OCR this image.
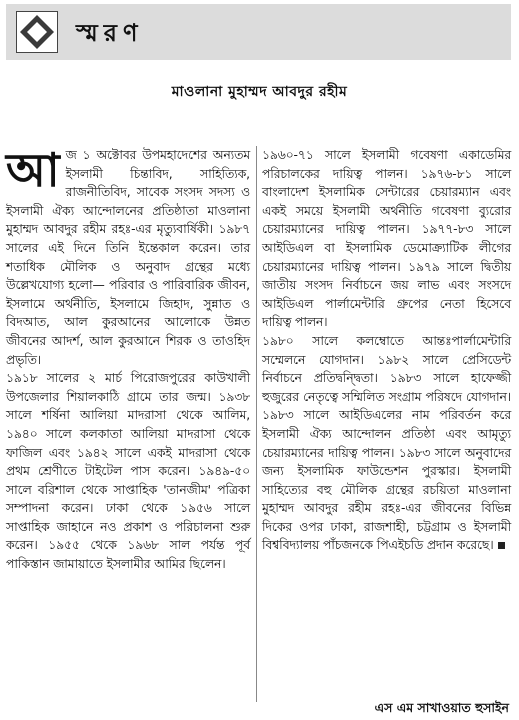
স্মরণ
মাওলানা মুহাম্মদ আবদুর রহীম
আ জ ১ অক্টোবর উপমহাদেশের অন্যতম ইসলামী চিন্তাবিদ, সাহিত্যিক, রাজনীতিবিদ, সাবেক সংসদ সদস্য ও ইসলামী ঐক্য আন্দোলনের প্রতিষ্ঠাতা মাওলানা মুহাম্মদ আবদুর রহীম রহঃ-এর মৃত্যুবার্ষিকী। ১৯৮৭ সালের এই দিনে তিনি ইন্তেকাল করেন। তার শতাধিক মৌলিক ও অনুবাদ গ্রন্থের মধ্যে উল্লেখযোগ্য হলো— পরিবার ও পারিবারিক জীবন, ইসলামে অর্থনীতি, ইসলামে জিহাদ, সুন্নাত ও বিদআত, আল কুরআনের আলোকে উন্নত জীবনের আদর্শ, আল কুরআনে শিরক ও তাওহিদ প্রভৃতি।

১৯১৮ সালের ২ মার্চ পিরোজপুরের কাউখালী উপজেলার শিয়ালকাঠি গ্রামে তার জন্ম। ১৯৩৮ সালে শর্ষিনা আলিয়া মাদরাসা থেকে আলিম, ১৯৪০ সালে কলকাতা আলিয়া মাদরাসা থেকে ফাজিল এবং ১৯৪২ সালে একই মাদরাসা থেকে প্রথম শ্রেণীতে টাইটেল পাস করেন। ১৯৪৯-৫০ সালে বরিশাল থেকে সাপ্তাহিক 'তানজীম' পত্রিকা সম্পাদনা করেন। ঢাকা থেকে ১৯৫৬ সালে সাপ্তাহিক জাহানে নও প্রকাশ ও পরিচালনা শুরু করেন। ১৯৫৫ থেকে ১৯৬৮ সাল পর্যন্ত পূর্ব পাকিস্তান জামায়াতে ইসলামীর আমির ছিলেন।

১৯৬০-৭১ সালে ইসলামী গবেষণা একাডেমির পরিচালকের দায়িত্ব পালন। ১৯৭৬-৮১ সালে বাংলাদেশ ইসলামিক সেন্টারের চেয়ারম্যান এবং একই সময়ে ইসলামী অর্থনীতি গবেষণা ব্যুরোর চেয়ারম্যানের দায়িত্ব পালন। ১৯৭৭-৮৩ সালে আইডিএল বা ইসলামিক ডেমোক্র্যাটিক লীগের চেয়ারম্যানের দায়িত্ব পালন। ১৯৭৯ সালে দ্বিতীয় জাতীয় সংসদ নির্বাচনে জয় লাভ এবং সংসদে আইডিএল পার্লামেন্টারি গ্রুপের নেতা হিসেবে দায়িত্ব পালন।

১৯৮০ সালে কলম্বোতে আন্তঃপার্লামেন্টারি সম্মেলনে যোগদান। ১৯৮২ সালে প্রেসিডেন্ট নির্বাচনে প্রতিদ্বন্দ্বিতা। ১৯৮৩ সালে হাফেজ্জী হুজুরের নেতৃত্বে সম্মিলিত সংগ্রাম পরিষদে যোগদান। ১৯৮৩ সালে আইডিএলের নাম পরিবর্তন করে ইসলামী ঐক্য আন্দোলন প্রতিষ্ঠা এবং আমৃত্যু চেয়ারম্যানের দায়িত্ব পালন। ১৯৮৩ সালে অনুবাদের জন্য ইসলামিক ফাউন্ডেশন পুরস্কার। ইসলামী সাহিত্যের বহু মৌলিক গ্রন্থের রচয়িতা মাওলানা মুহাম্মদ আবদুর রহীম রহঃ-এর জীবনের বিভিন্ন দিকের ওপর ঢাকা, রাজশাহী, চট্টগ্রাম ও ইসলামী বিশ্ববিদ্যালয় পাঁচজনকে পিএইচডি প্রদান করেছে।

এস এম সাখাওয়াত হুসাইন
